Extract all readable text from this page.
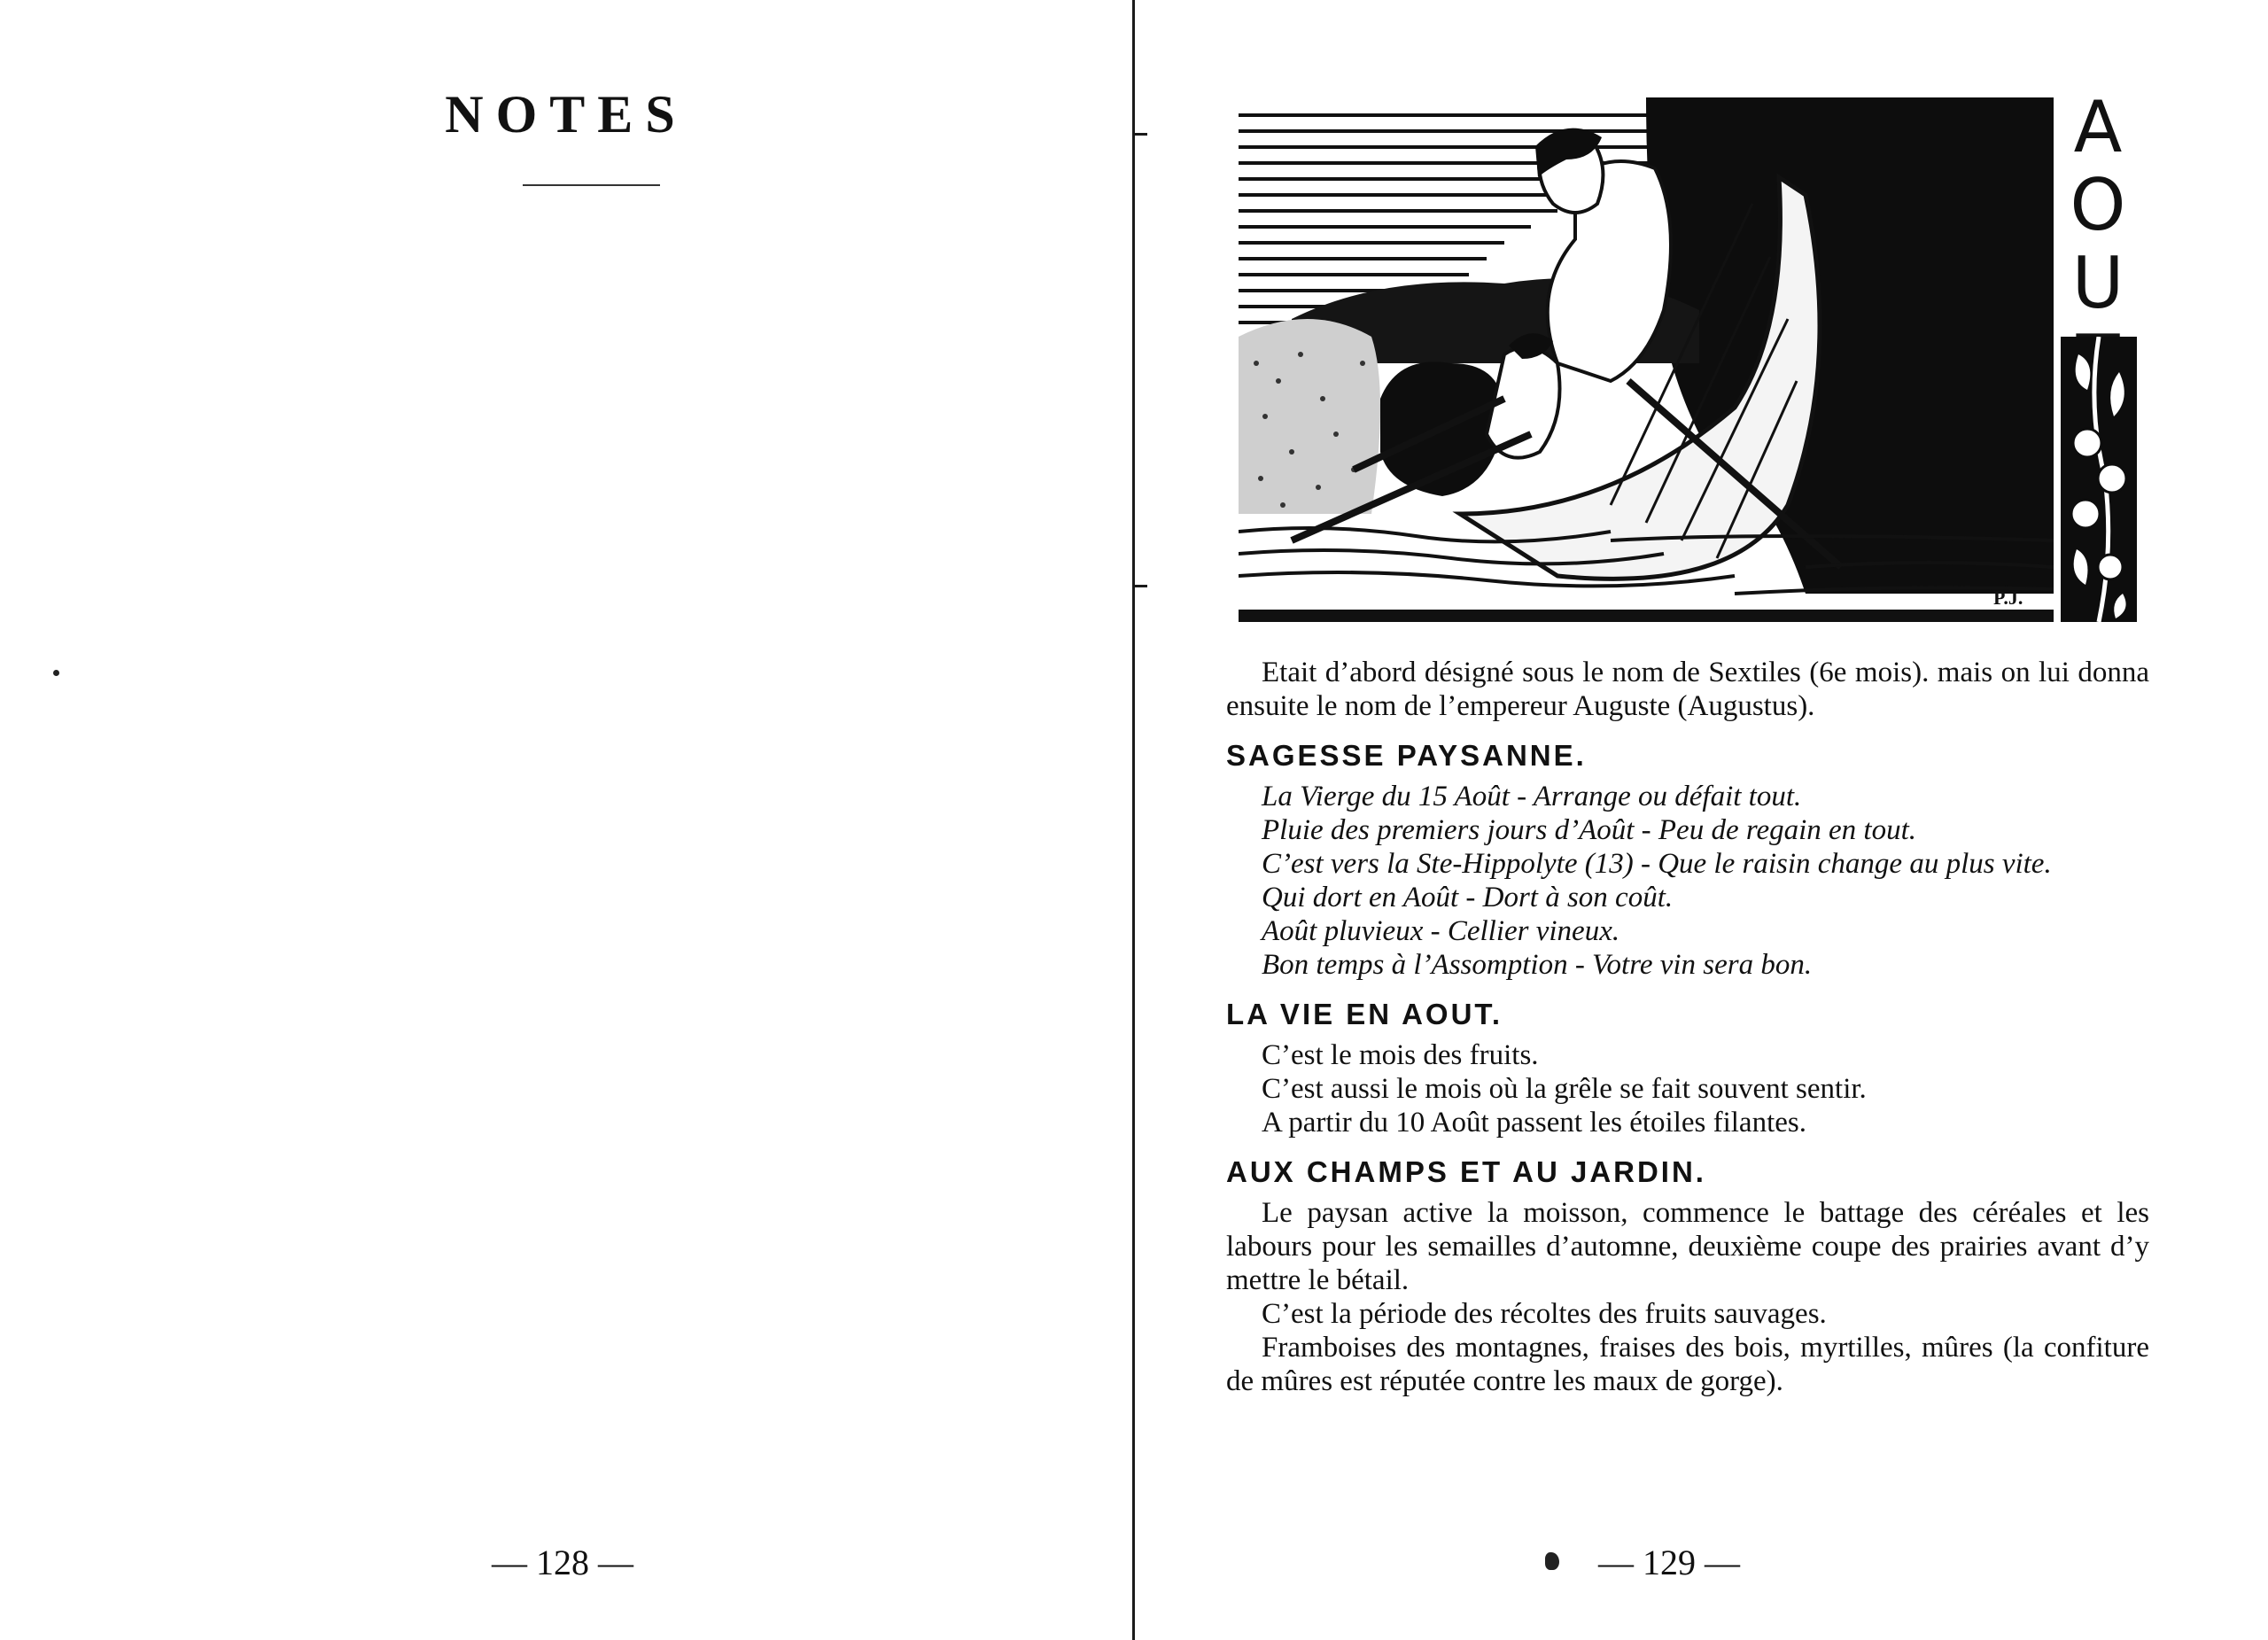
NOTES
— 128 —
P.J.
A
O
U

Etait d’abord désigné sous le nom de Sextiles (6e mois). mais on lui donna ensuite le nom de l’empereur Auguste (Augustus).

SAGESSE PAYSANNE.

La Vierge du 15 Août - Arrange ou défait tout.

Pluie des premiers jours d’Août - Peu de regain en tout.

C’est vers la Ste-Hippolyte (13) - Que le raisin change au plus vite.

Qui dort en Août - Dort à son coût.

Août pluvieux - Cellier vineux.

Bon temps à l’Assomption - Votre vin sera bon.

LA VIE EN AOUT.

C’est le mois des fruits.

C’est aussi le mois où la grêle se fait souvent sentir.

A partir du 10 Août passent les étoiles filantes.

AUX CHAMPS ET AU JARDIN.

Le paysan active la moisson, commence le battage des céréales et les labours pour les semailles d’automne, deuxième coupe des prairies avant d’y mettre le bétail.

C’est la période des récoltes des fruits sauvages.

Framboises des montagnes, fraises des bois, myrtilles, mûres (la confiture de mûres est réputée contre les maux de gorge).

— 129 —
